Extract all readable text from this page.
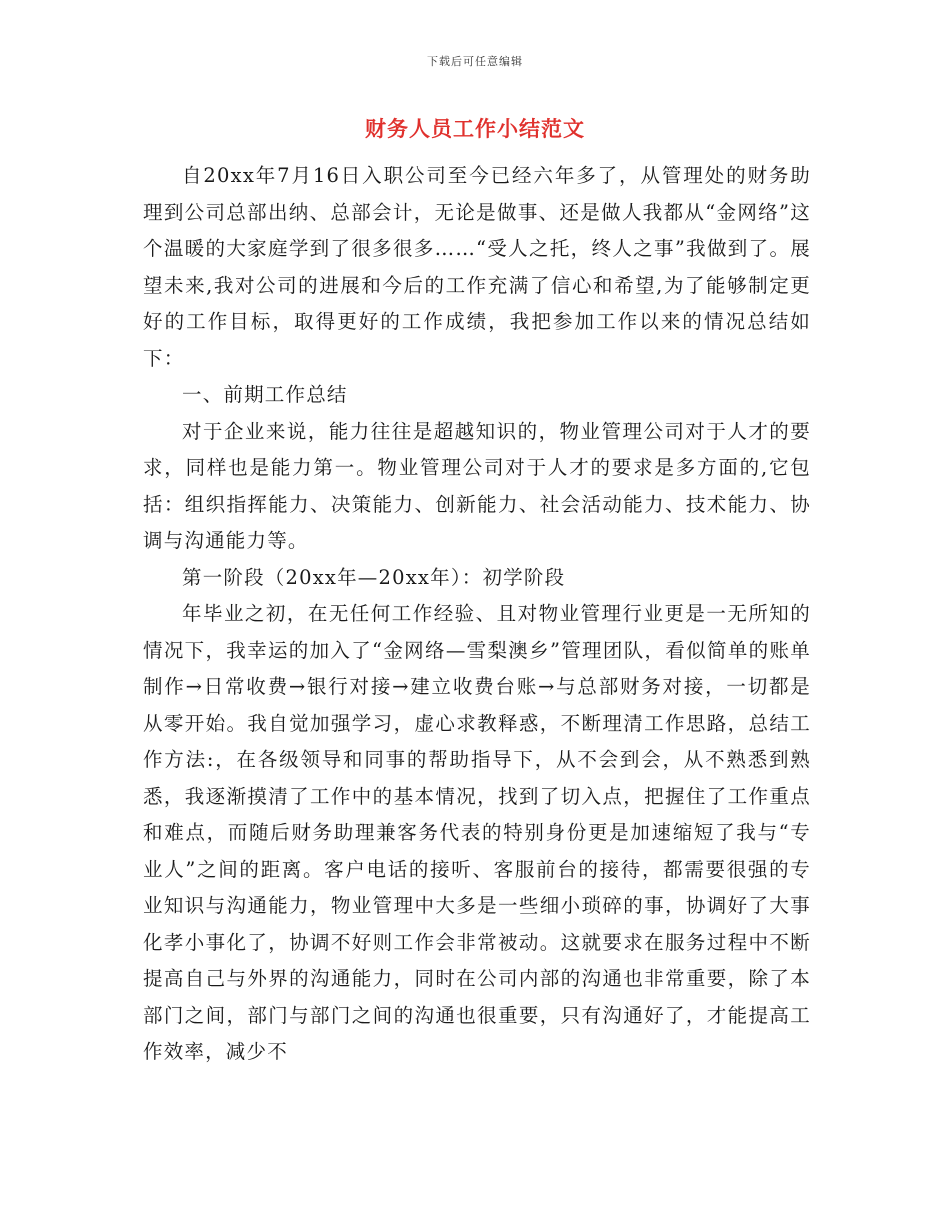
下载后可任意编辑
财务人员工作小结范文

自20xx年7月16日入职公司至今已经六年多了，从管理处的财务助理到公司总部出纳、总部会计，无论是做事、还是做人我都从“金网络”这个温暖的大家庭学到了很多很多……“受人之托，终人之事”我做到了。展望未来,我对公司的进展和今后的工作充满了信心和希望,为了能够制定更好的工作目标，取得更好的工作成绩，我把参加工作以来的情况总结如下：

一、前期工作总结

对于企业来说，能力往往是超越知识的，物业管理公司对于人才的要求，同样也是能力第一。物业管理公司对于人才的要求是多方面的,它包括：组织指挥能力、决策能力、创新能力、社会活动能力、技术能力、协调与沟通能力等。

第一阶段（20xx年—20xx年）：初学阶段

年毕业之初，在无任何工作经验、且对物业管理行业更是一无所知的情况下，我幸运的加入了“金网络—雪梨澳乡”管理团队，看似简单的账单制作→日常收费→银行对接→建立收费台账→与总部财务对接，一切都是从零开始。我自觉加强学习，虚心求教释惑，不断理清工作思路，总结工作方法:，在各级领导和同事的帮助指导下，从不会到会，从不熟悉到熟悉，我逐渐摸清了工作中的基本情况，找到了切入点，把握住了工作重点和难点，而随后财务助理兼客务代表的特别身份更是加速缩短了我与“专业人”之间的距离。客户电话的接听、客服前台的接待，都需要很强的专业知识与沟通能力，物业管理中大多是一些细小琐碎的事，协调好了大事化孝小事化了，协调不好则工作会非常被动。这就要求在服务过程中不断提高自己与外界的沟通能力，同时在公司内部的沟通也非常重要，除了本部门之间，部门与部门之间的沟通也很重要，只有沟通好了，才能提高工作效率，减少不
